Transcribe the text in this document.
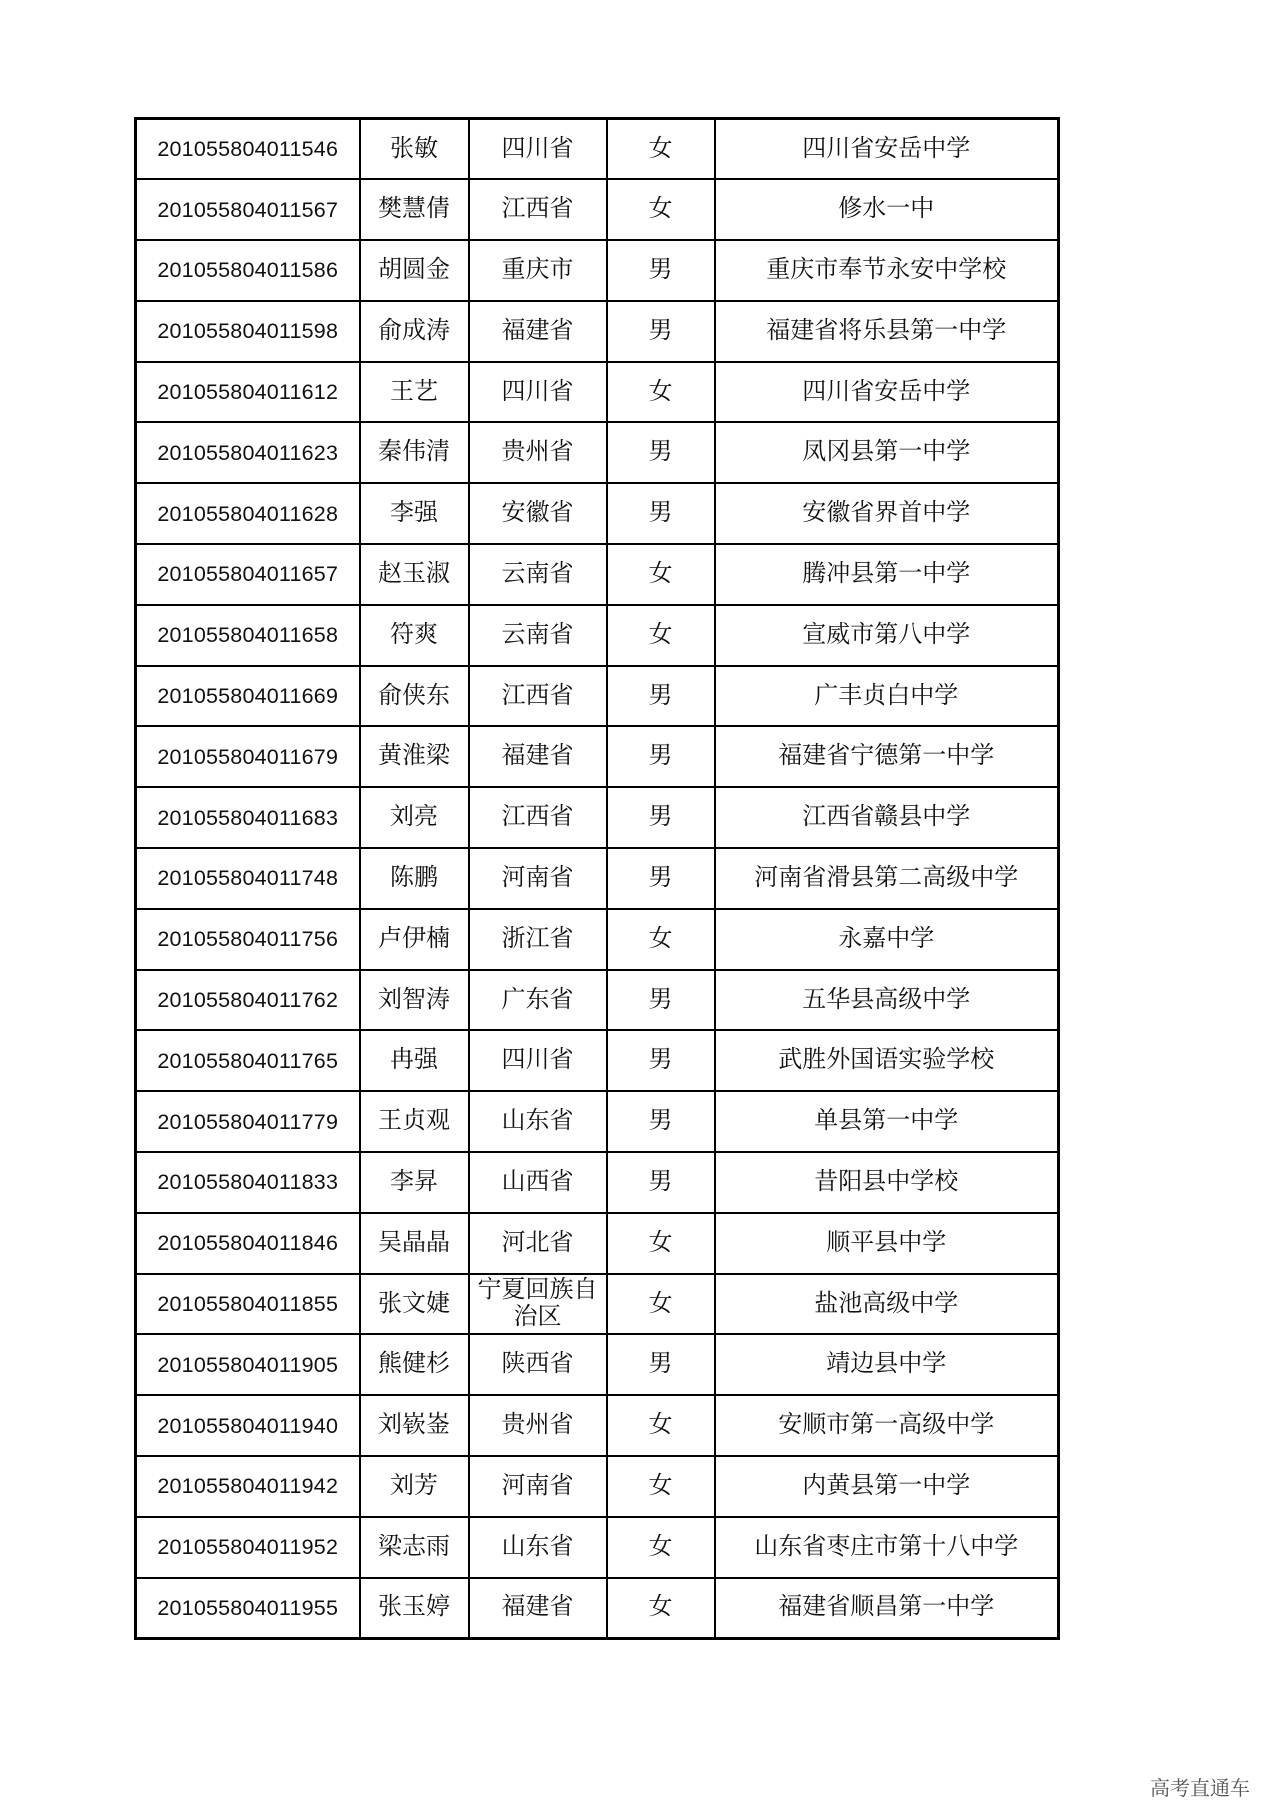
201055804011546	张敏	四川省	女	四川省安岳中学
201055804011567	樊慧倩	江西省	女	修水一中
201055804011586	胡圆金	重庆市	男	重庆市奉节永安中学校
201055804011598	俞成涛	福建省	男	福建省将乐县第一中学
201055804011612	王艺	四川省	女	四川省安岳中学
201055804011623	秦伟清	贵州省	男	凤冈县第一中学
201055804011628	李强	安徽省	男	安徽省界首中学
201055804011657	赵玉淑	云南省	女	腾冲县第一中学
201055804011658	符爽	云南省	女	宣威市第八中学
201055804011669	俞侠东	江西省	男	广丰贞白中学
201055804011679	黄淮梁	福建省	男	福建省宁德第一中学
201055804011683	刘亮	江西省	男	江西省赣县中学
201055804011748	陈鹏	河南省	男	河南省滑县第二高级中学
201055804011756	卢伊楠	浙江省	女	永嘉中学
201055804011762	刘智涛	广东省	男	五华县高级中学
201055804011765	冉强	四川省	男	武胜外国语实验学校
201055804011779	王贞观	山东省	男	单县第一中学
201055804011833	李昇	山西省	男	昔阳县中学校
201055804011846	吴晶晶	河北省	女	顺平县中学
201055804011855	张文婕	宁夏回族自治区	女	盐池高级中学
201055804011905	熊健杉	陕西省	男	靖边县中学
201055804011940	刘嵚崟	贵州省	女	安顺市第一高级中学
201055804011942	刘芳	河南省	女	内黄县第一中学
201055804011952	梁志雨	山东省	女	山东省枣庄市第十八中学
201055804011955	张玉婷	福建省	女	福建省顺昌第一中学
高考直通车
